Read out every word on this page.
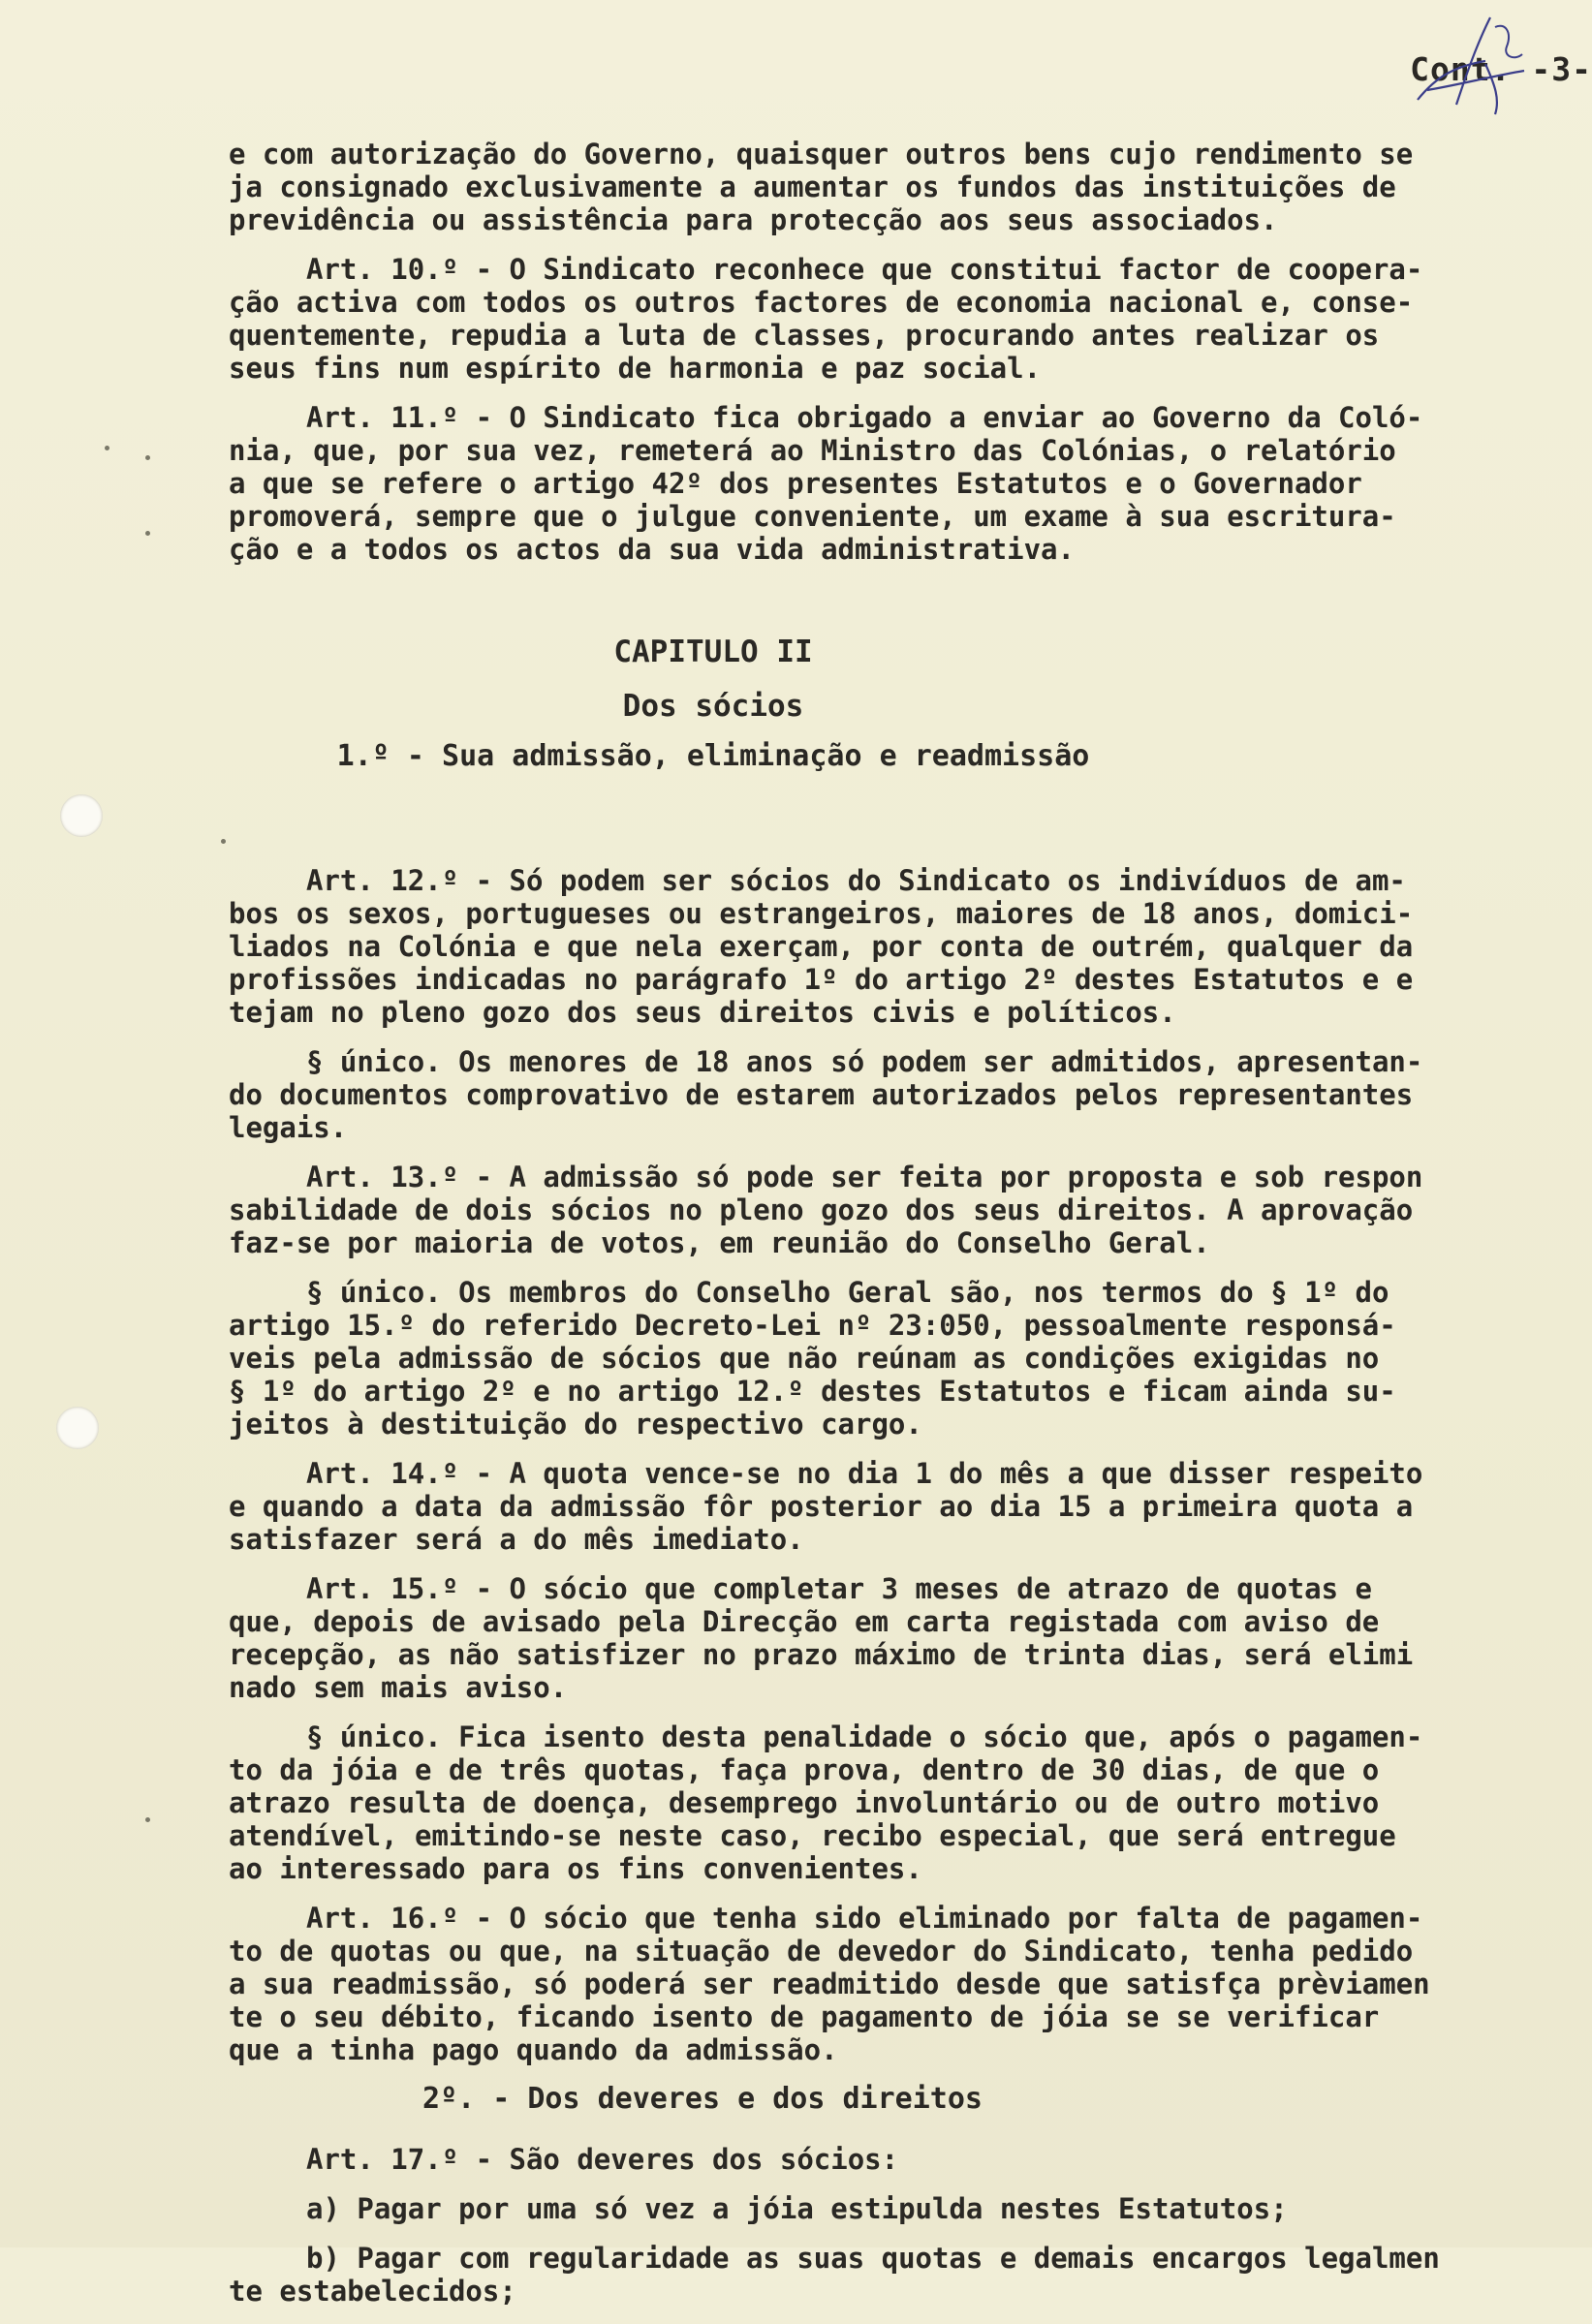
Cont. -3-
e com autorização do Governo, quaisquer outros bens cujo rendimento se
ja consignado exclusivamente a aumentar os fundos das instituições de
previdência ou assistência para protecção aos seus associados.
Art. 10.º - O Sindicato reconhece que constitui factor de coopera-
ção activa com todos os outros factores de economia nacional e, conse-
quentemente, repudia a luta de classes, procurando antes realizar os
seus fins num espírito de harmonia e paz social.
Art. 11.º - O Sindicato fica obrigado a enviar ao Governo da Coló-
nia, que, por sua vez, remeterá ao Ministro das Colónias, o relatório
a que se refere o artigo 42º dos presentes Estatutos e o Governador
promoverá, sempre que o julgue conveniente, um exame à sua escritura-
ção e a todos os actos da sua vida administrativa.

CAPITULO II

Dos sócios

1.º - Sua admissão, eliminação e readmissão

Art. 12.º - Só podem ser sócios do Sindicato os indivíduos de am-
bos os sexos, portugueses ou estrangeiros, maiores de 18 anos, domici-
liados na Colónia e que nela exerçam, por conta de outrém, qualquer da
profissões indicadas no parágrafo 1º do artigo 2º destes Estatutos e e
tejam no pleno gozo dos seus direitos civis e políticos.
§ único. Os menores de 18 anos só podem ser admitidos, apresentan-
do documentos comprovativo de estarem autorizados pelos representantes
legais.
Art. 13.º - A admissão só pode ser feita por proposta e sob respon
sabilidade de dois sócios no pleno gozo dos seus direitos. A aprovação
faz-se por maioria de votos, em reunião do Conselho Geral.
§ único. Os membros do Conselho Geral são, nos termos do § 1º do
artigo 15.º do referido Decreto-Lei nº 23:050, pessoalmente responsá-
veis pela admissão de sócios que não reúnam as condições exigidas no
§ 1º do artigo 2º e no artigo 12.º destes Estatutos e ficam ainda su-
jeitos à destituição do respectivo cargo.
Art. 14.º - A quota vence-se no dia 1 do mês a que disser respeito
e quando a data da admissão fôr posterior ao dia 15 a primeira quota a
satisfazer será a do mês imediato.
Art. 15.º - O sócio que completar 3 meses de atrazo de quotas e
que, depois de avisado pela Direcção em carta registada com aviso de
recepção, as não satisfizer no prazo máximo de trinta dias, será elimi
nado sem mais aviso.
§ único. Fica isento desta penalidade o sócio que, após o pagamen-
to da jóia e de três quotas, faça prova, dentro de 30 dias, de que o
atrazo resulta de doença, desemprego involuntário ou de outro motivo
atendível, emitindo-se neste caso, recibo especial, que será entregue
ao interessado para os fins convenientes.
Art. 16.º - O sócio que tenha sido eliminado por falta de pagamen-
to de quotas ou que, na situação de devedor do Sindicato, tenha pedido
a sua readmissão, só poderá ser readmitido desde que satisfça prèviamen
te o seu débito, ficando isento de pagamento de jóia se se verificar
que a tinha pago quando da admissão.

2º. - Dos deveres e dos direitos

Art. 17.º - São deveres dos sócios:
a) Pagar por uma só vez a jóia estipulda nestes Estatutos;
b) Pagar com regularidade as suas quotas e demais encargos legalmen
te estabelecidos;
